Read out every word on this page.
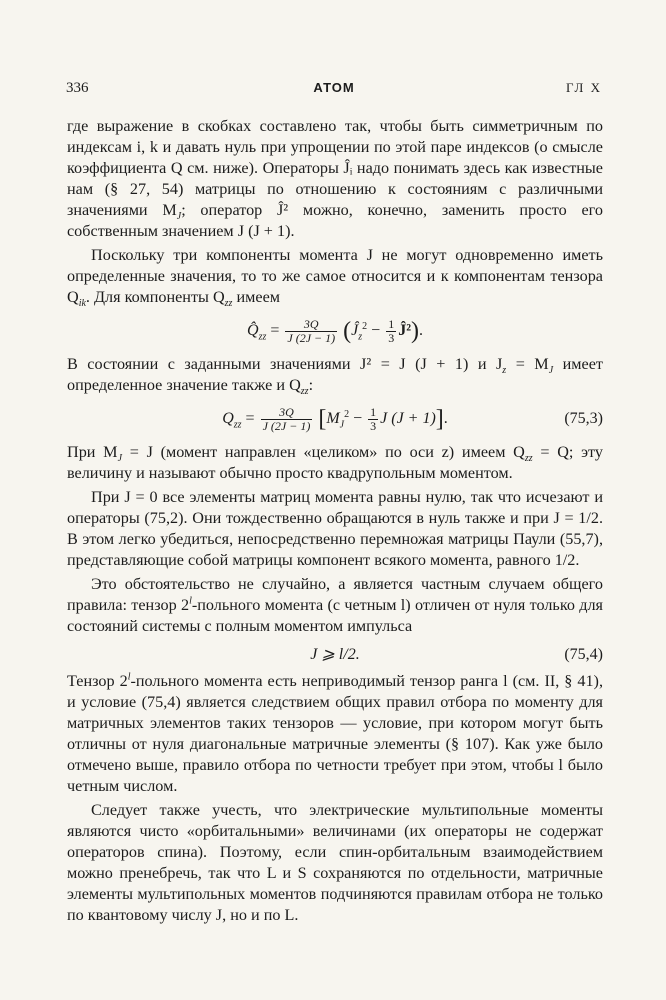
336	АТОМ	ГЛ X

где выражение в скобках составлено так, чтобы быть симметричным по индексам i, k и давать нуль при упрощении по этой паре индексов (о смысле коэффициента Q см. ниже). Операторы Ĵᵢ надо понимать здесь как известные нам (§ 27, 54) матрицы по отношению к состояниям с различными значениями $M_J$; оператор Ĵ² можно, конечно, заменить просто его собственным значением J (J + 1).

Поскольку три компоненты момента J не могут одновременно иметь определенные значения, то то же самое относится и к компонентам тензора $Q_{ik}$. Для компоненты $Q_{zz}$ имеем

$Q̂_{zz} = \frac{3Q}{J (2J - 1)}$ ($Ĵ_z^2 - \frac{1}{3}$ Ĵ²).

В состоянии с заданными значениями J² = J (J + 1) и $J_z = M_J$ имеет определенное значение также и $Q_{zz}$:

$Q_{zz} = \frac{3Q}{J (2J - 1)} [M_J^2 - \frac{1}{3}$ J (J + 1)].	(75,3)

При $M_J = J$ (момент направлен «целиком» по оси z) имеем $Q_{zz} = Q$; эту величину и называют обычно просто квадрупольным моментом.

При J = 0 все элементы матриц момента равны нулю, так что исчезают и операторы (75,2). Они тождественно обращаются в нуль также и при J = 1/2. В этом легко убедиться, непосредственно перемножая матрицы Паули (55,7), представляющие собой матрицы компонент всякого момента, равного 1/2.

Это обстоятельство не случайно, а является частным случаем общего правила: тензор 2$^l$-польного момента (с четным l) отличен от нуля только для состояний системы с полным моментом импульса

J ⩾ l/2.	(75,4)

Тензор 2$^l$-польного момента есть неприводимый тензор ранга l (см. II, § 41), и условие (75,4) является следствием общих правил отбора по моменту для матричных элементов таких тензоров — условие, при котором могут быть отличны от нуля диагональные матричные элементы (§ 107). Как уже было отмечено выше, правило отбора по четности требует при этом, чтобы l было четным числом.

Следует также учесть, что электрические мультипольные моменты являются чисто «орбитальными» величинами (их операторы не содержат операторов спина). Поэтому, если спин-орбитальным взаимодействием можно пренебречь, так что L и S сохраняются по отдельности, матричные элементы мультипольных моментов подчиняются правилам отбора не только по квантовому числу J, но и по L.
